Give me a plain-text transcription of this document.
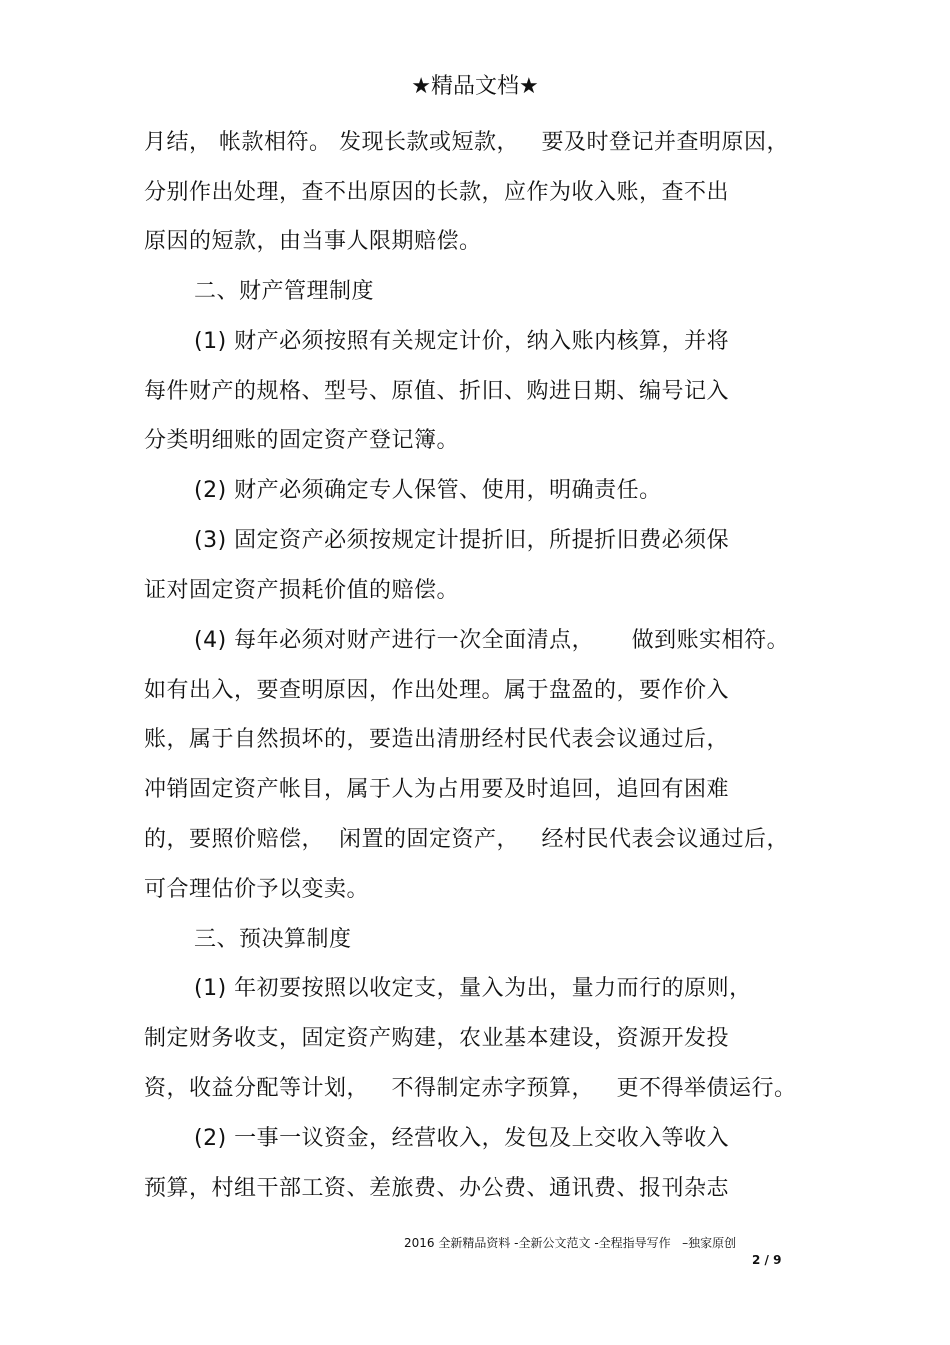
★精品文档★
月结， 帐款相符。 发现长款或短款，   要及时登记并查明原因，
分别作出处理，查不出原因的长款，应作为收入账，查不出
原因的短款，由当事人限期赔偿。
二、财产管理制度
(1) 财产必须按照有关规定计价，纳入账内核算，并将
每件财产的规格、型号、原值、折旧、购进日期、编号记入
分类明细账的固定资产登记簿。
(2) 财产必须确定专人保管、使用，明确责任。
(3) 固定资产必须按规定计提折旧，所提折旧费必须保
证对固定资产损耗价值的赔偿。
(4) 每年必须对财产进行一次全面清点，     做到账实相符。
如有出入，要查明原因，作出处理。属于盘盈的，要作价入
账，属于自然损坏的，要造出清册经村民代表会议通过后，
冲销固定资产帐目，属于人为占用要及时追回，追回有困难
的，要照价赔偿，  闲置的固定资产，   经村民代表会议通过后，
可合理估价予以变卖。
三、预决算制度
(1) 年初要按照以收定支，量入为出，量力而行的原则，
制定财务收支，固定资产购建，农业基本建设，资源开发投
资，收益分配等计划，   不得制定赤字预算，   更不得举债运行。
(2) 一事一议资金，经营收入，发包及上交收入等收入
预算，村组干部工资、差旅费、办公费、通讯费、报刊杂志
2016 全新精品资料 -全新公文范文 -全程指导写作   –独家原创
2 / 9
